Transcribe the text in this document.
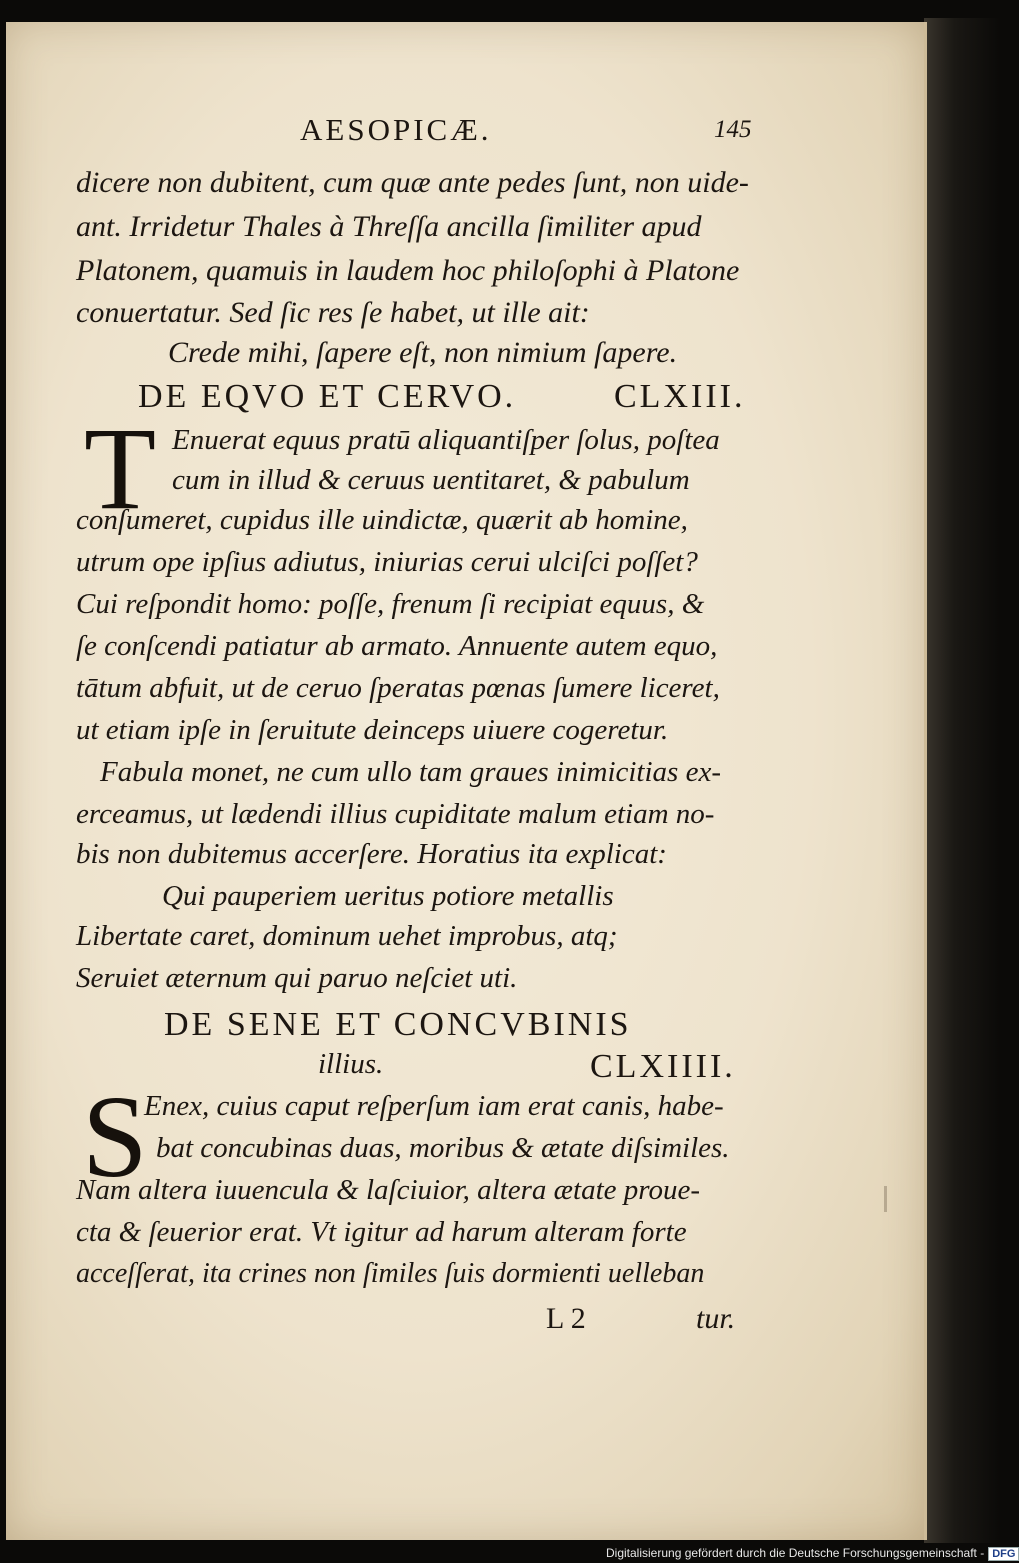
AESOPICÆ.	145
dicere non dubitent, cum quæ ante pedes ſunt, non uide-
ant. Irridetur Thales à Threſſa ancilla ſimiliter apud
Platonem, quamuis in laudem hoc philoſophi à Platone
conuertatur. Sed ſic res ſe habet, ut ille ait:
Crede mihi, ſapere eſt, non nimium ſapere.
DE EQVO ET CERVO.	CLXIII.
T Enuerat equus pratū aliquantiſper ſolus, poſtea
cum in illud & ceruus uentitaret, & pabulum
conſumeret, cupidus ille uindictæ, quærit ab homine,
utrum ope ipſius adiutus, iniurias cerui ulciſci poſſet?
Cui reſpondit homo: poſſe, frenum ſi recipiat equus, &
ſe conſcendi patiatur ab armato. Annuente autem equo,
tātum abfuit, ut de ceruo ſperatas pœnas ſumere liceret,
ut etiam ipſe in ſeruitute deinceps uiuere cogeretur.
Fabula monet, ne cum ullo tam graues inimicitias ex-
erceamus, ut lædendi illius cupiditate malum etiam no-
bis non dubitemus accerſere. Horatius ita explicat:
Qui pauperiem ueritus potiore metallis
Libertate caret, dominum uehet improbus, atq;
Seruiet æternum qui paruo neſciet uti.
DE SENE ET CONCVBINIS
illius.	CLXIIII.
S
Enex, cuius caput reſperſum iam erat canis, habe-
bat concubinas duas, moribus & ætate diſsimiles.
Nam altera iuuencula & laſciuior, altera ætate proue-
cta & ſeuerior erat. Vt igitur ad harum alteram forte
acceſſerat, ita crines non ſimiles ſuis dormienti uelleban
L 2	tur.
Digitalisierung gefördert durch die Deutsche Forschungsgemeinschaft - DFG
